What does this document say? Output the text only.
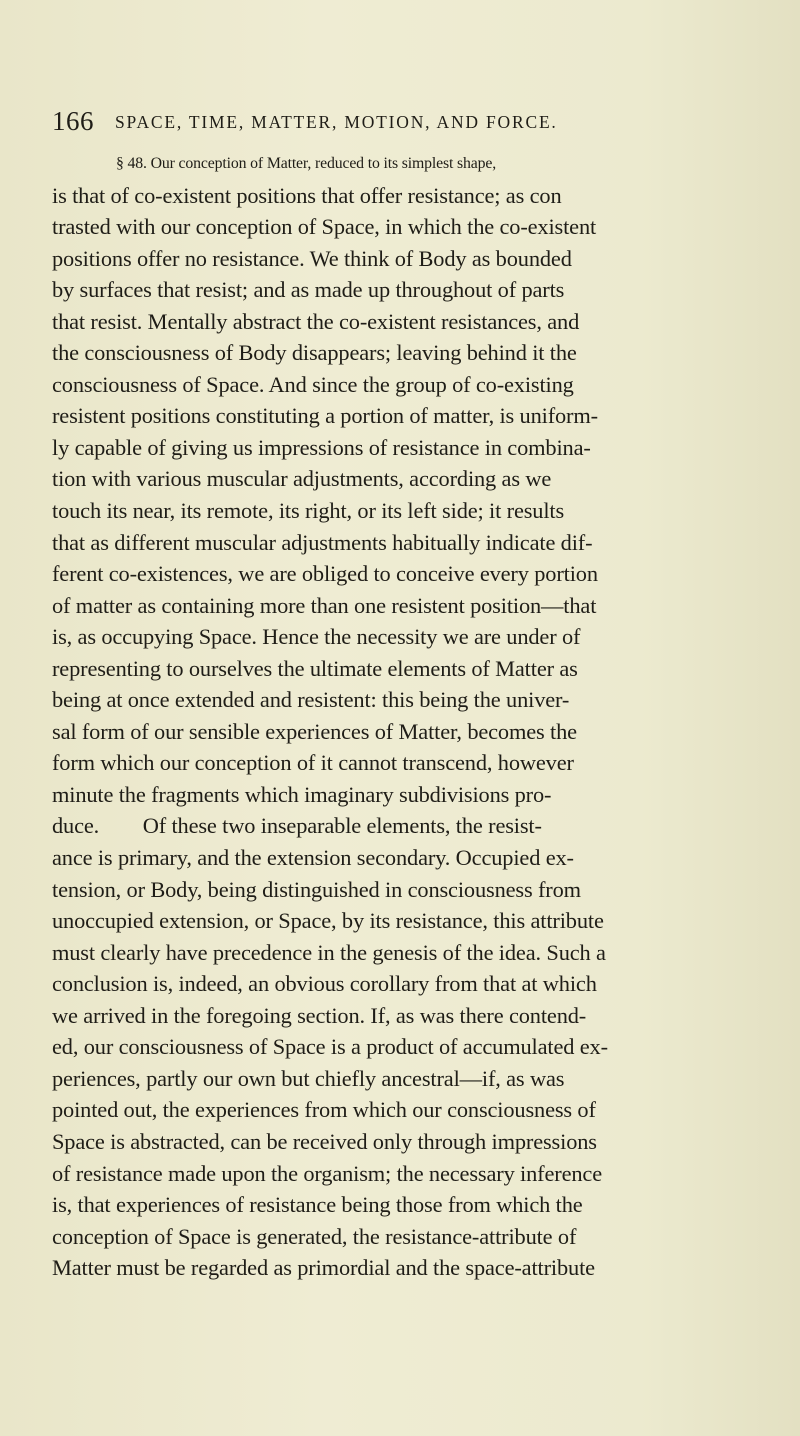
166 SPACE, TIME, MATTER, MOTION, AND FORCE.
§ 48. Our conception of Matter, reduced to its simplest shape,
is that of co-existent positions that offer resistance; as con
trasted with our conception of Space, in which the co-existent
positions offer no resistance. We think of Body as bounded
by surfaces that resist; and as made up throughout of parts
that resist. Mentally abstract the co-existent resistances, and
the consciousness of Body disappears; leaving behind it the
consciousness of Space. And since the group of co-existing
resistent positions constituting a portion of matter, is uniform-
ly capable of giving us impressions of resistance in combina-
tion with various muscular adjustments, according as we
touch its near, its remote, its right, or its left side; it results
that as different muscular adjustments habitually indicate dif-
ferent co-existences, we are obliged to conceive every portion
of matter as containing more than one resistent position—that
is, as occupying Space. Hence the necessity we are under of
representing to ourselves the ultimate elements of Matter as
being at once extended and resistent: this being the univer-
sal form of our sensible experiences of Matter, becomes the
form which our conception of it cannot transcend, however
minute the fragments which imaginary subdivisions pro-
duce.        Of these two inseparable elements, the resist-
ance is primary, and the extension secondary. Occupied ex-
tension, or Body, being distinguished in consciousness from
unoccupied extension, or Space, by its resistance, this attribute
must clearly have precedence in the genesis of the idea. Such a
conclusion is, indeed, an obvious corollary from that at which
we arrived in the foregoing section. If, as was there contend-
ed, our consciousness of Space is a product of accumulated ex-
periences, partly our own but chiefly ancestral—if, as was
pointed out, the experiences from which our consciousness of
Space is abstracted, can be received only through impressions
of resistance made upon the organism; the necessary inference
is, that experiences of resistance being those from which the
conception of Space is generated, the resistance-attribute of
Matter must be regarded as primordial and the space-attribute
